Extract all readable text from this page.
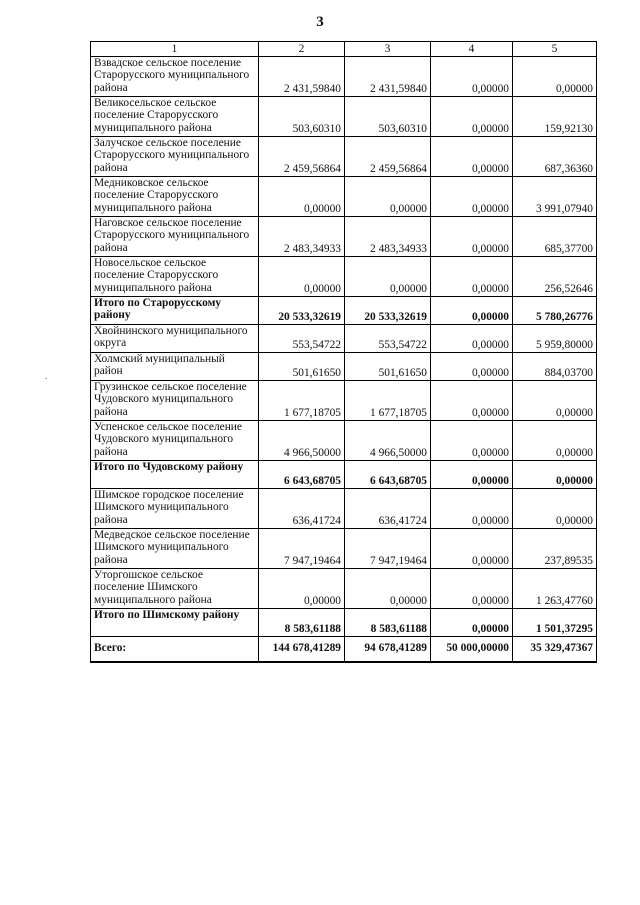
3
.
1	2	3	4	5
Взвадское сельское поселение Старорусского муниципального района	2 431,59840	2 431,59840	0,00000	0,00000
Великосельское сельское поселение Старорусского муниципального района	503,60310	503,60310	0,00000	159,92130
Залучское сельское поселение Старорусского муниципального района	2 459,56864	2 459,56864	0,00000	687,36360
Медниковское сельское поселение Старорусского муниципального района	0,00000	0,00000	0,00000	3 991,07940
Наговское сельское поселение Старорусского муниципального района	2 483,34933	2 483,34933	0,00000	685,37700
Новосельское сельское поселение Старорусского муниципального района	0,00000	0,00000	0,00000	256,52646
Итого по Старорусскому району	20 533,32619	20 533,32619	0,00000	5 780,26776
Хвойнинского муниципального округа	553,54722	553,54722	0,00000	5 959,80000
Холмский муниципальный район	501,61650	501,61650	0,00000	884,03700
Грузинское сельское поселение Чудовского муниципального района	1 677,18705	1 677,18705	0,00000	0,00000
Успенское сельское поселение Чудовского муниципального района	4 966,50000	4 966,50000	0,00000	0,00000
Итого по Чудовскому району	6 643,68705	6 643,68705	0,00000	0,00000
Шимское городское поселение Шимского муниципального района	636,41724	636,41724	0,00000	0,00000
Медведское сельское поселение Шимского муниципального района	7 947,19464	7 947,19464	0,00000	237,89535
Уторгошское сельское поселение Шимского муниципального района	0,00000	0,00000	0,00000	1 263,47760
Итого по Шимскому району	8 583,61188	8 583,61188	0,00000	1 501,37295
Всего:	144 678,41289	94 678,41289	50 000,00000	35 329,47367
